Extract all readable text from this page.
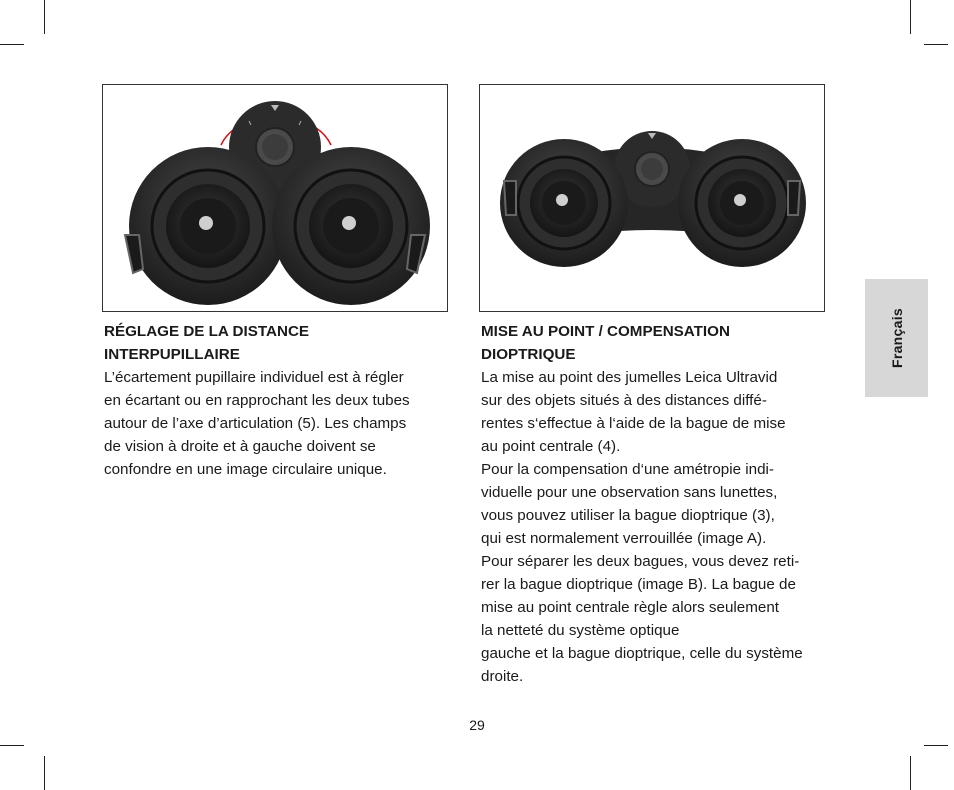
RÉGLAGE DE LA DISTANCE
INTERPUPILLAIRE

L’écartement pupillaire individuel est à régler
en écartant ou en rapprochant les deux tubes
autour de l’axe d’articulation (5). Les champs
de vision à droite et à gauche doivent se
confondre en une image circulaire unique.

MISE AU POINT / COMPENSATION
DIOPTRIQUE

La mise au point des jumelles Leica Ultravid
sur des objets situés à des distances diffé-
rentes s‘effectue à l‘aide de la bague de mise
au point centrale (4).
Pour la compensation d‘une amétropie indi-
viduelle pour une observation sans lunettes,
vous pouvez utiliser la bague dioptrique (3),
qui est normalement verrouillée (image A).
Pour séparer les deux bagues, vous devez reti-
rer la bague dioptrique (image B). La bague de
mise au point centrale règle alors seulement
la netteté du système optique
gauche et la bague dioptrique, celle du système
droite.

Français
29
